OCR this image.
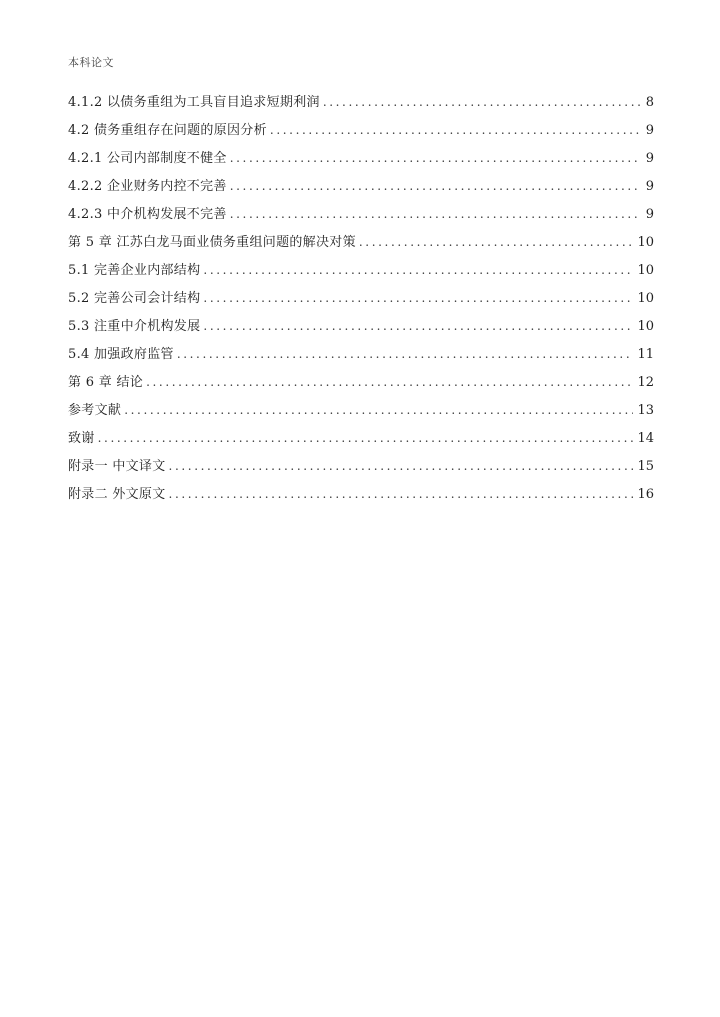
本科论文
4.1.2 以债务重组为工具盲目追求短期利润 .....	8
4.2 债务重组存在问题的原因分析 .....	9
4.2.1 公司内部制度不健全 .....	9
4.2.2 企业财务内控不完善 .....	9
4.2.3 中介机构发展不完善 .....	9
第 5 章 江苏白龙马面业债务重组问题的解决对策 .....	10
5.1 完善企业内部结构 .....	10
5.2 完善公司会计结构 .....	10
5.3 注重中介机构发展 .....	10
5.4 加强政府监管 .....	11
第 6 章 结论 .....	12
参考文献 .....	13
致谢 .....	14
附录一 中文译文 .....	15
附录二 外文原文 .....	16
